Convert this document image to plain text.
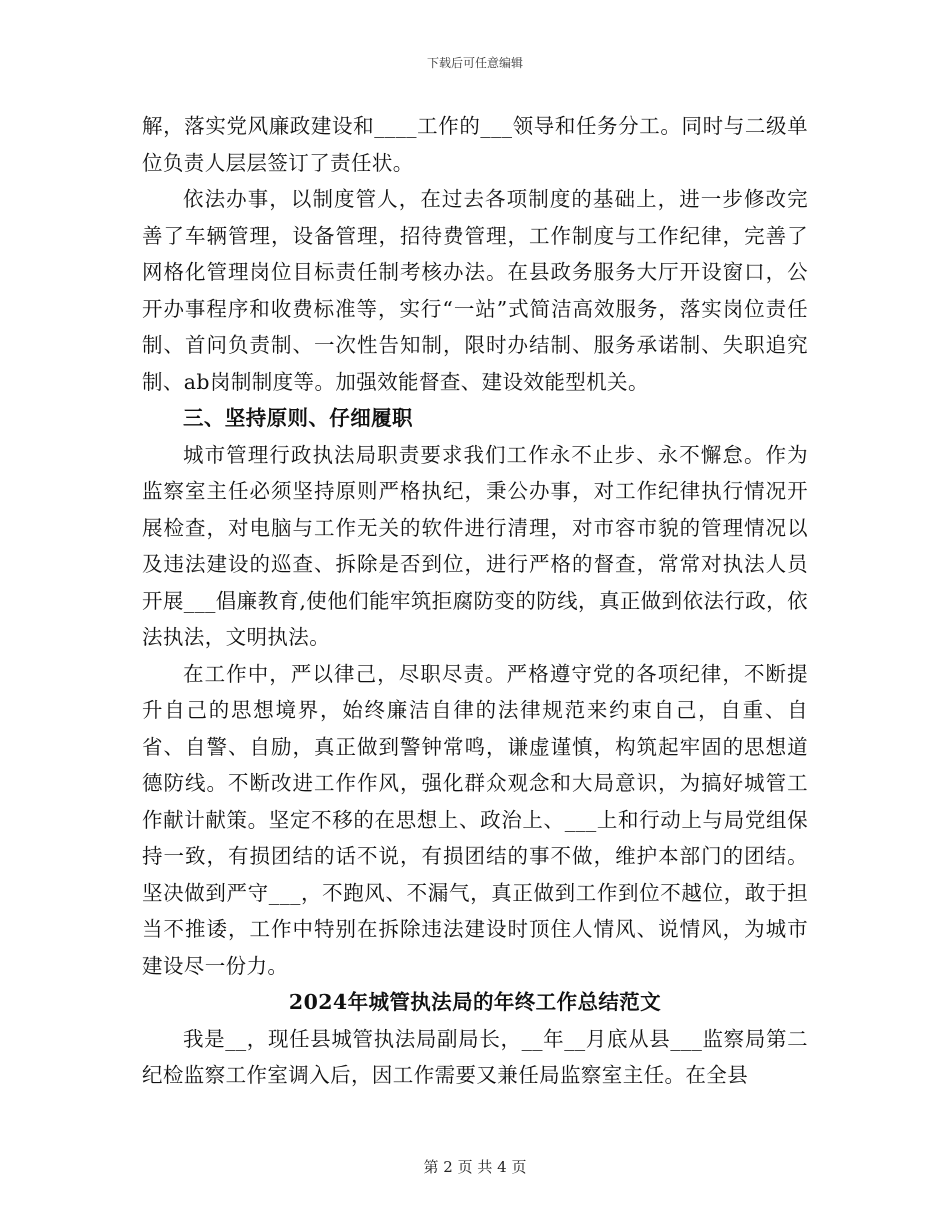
下载后可任意编辑

解，落实党风廉政建设和____工作的___领导和任务分工。同时与二级单位负责人层层签订了责任状。

依法办事，以制度管人，在过去各项制度的基础上，进一步修改完善了车辆管理，设备管理，招待费管理，工作制度与工作纪律，完善了网格化管理岗位目标责任制考核办法。在县政务服务大厅开设窗口，公开办事程序和收费标准等，实行“一站”式简洁高效服务，落实岗位责任制、首问负责制、一次性告知制，限时办结制、服务承诺制、失职追究制、ab岗制制度等。加强效能督查、建设效能型机关。

三、坚持原则、仔细履职

城市管理行政执法局职责要求我们工作永不止步、永不懈怠。作为监察室主任必须坚持原则严格执纪，秉公办事，对工作纪律执行情况开展检查，对电脑与工作无关的软件进行清理，对市容市貌的管理情况以及违法建设的巡查、拆除是否到位，进行严格的督查，常常对执法人员开展___倡廉教育,使他们能牢筑拒腐防变的防线，真正做到依法行政，依法执法，文明执法。

在工作中，严以律己，尽职尽责。严格遵守党的各项纪律，不断提升自己的思想境界，始终廉洁自律的法律规范来约束自己，自重、自省、自警、自励，真正做到警钟常鸣，谦虚谨慎，构筑起牢固的思想道德防线。不断改进工作作风，强化群众观念和大局意识，为搞好城管工作献计献策。坚定不移的在思想上、政治上、___上和行动上与局党组保持一致，有损团结的话不说，有损团结的事不做，维护本部门的团结。坚决做到严守___，不跑风、不漏气，真正做到工作到位不越位，敢于担当不推诿，工作中特别在拆除违法建设时顶住人情风、说情风，为城市建设尽一份力。

2024年城管执法局的年终工作总结范文

我是__，现任县城管执法局副局长，__年__月底从县___监察局第二纪检监察工作室调入后，因工作需要又兼任局监察室主任。在全县

第 2 页 共 4 页
